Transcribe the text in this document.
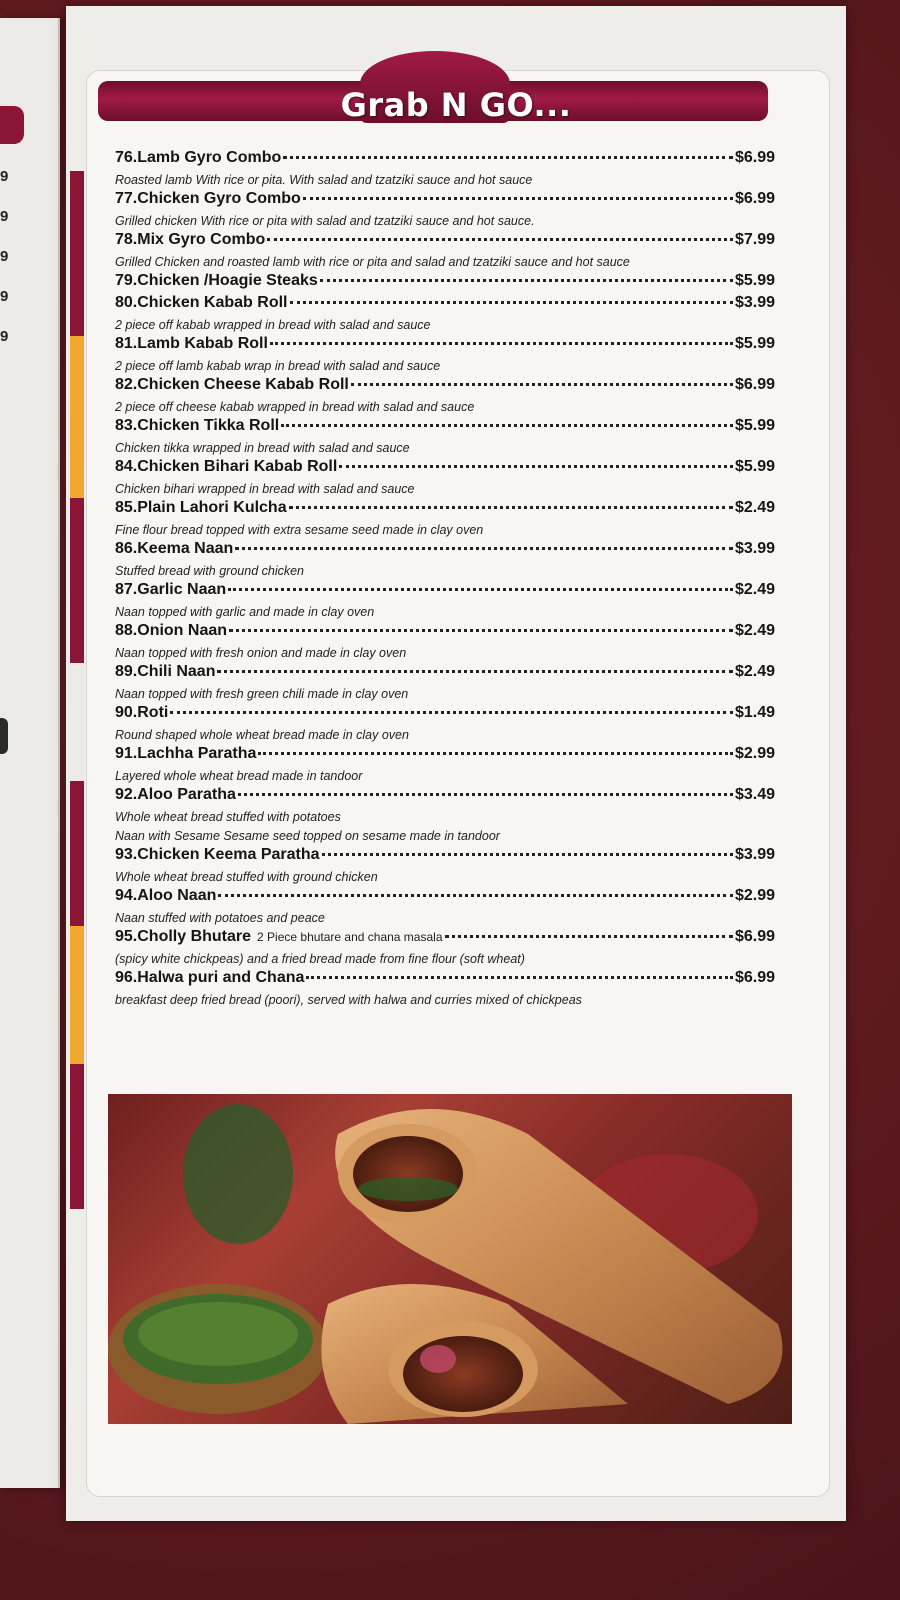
9
9
9
9
9
Grab N GO...
76.Lamb Gyro Combo	$6.99
Roasted lamb With rice or pita. With salad and tzatziki sauce and hot sauce
77.Chicken Gyro Combo	$6.99
Grilled chicken With rice or pita with salad and tzatziki sauce and hot sauce.
78.Mix Gyro Combo	$7.99
Grilled Chicken and roasted lamb with rice or pita and salad and tzatziki sauce and hot sauce
79.Chicken /Hoagie Steaks	$5.99
80.Chicken Kabab Roll	$3.99
2 piece off kabab wrapped in bread with salad and sauce
81.Lamb Kabab Roll	$5.99
2 piece off lamb kabab wrap in bread with salad and sauce
82.Chicken Cheese Kabab Roll	$6.99
2 piece off cheese kabab wrapped in bread with salad and sauce
83.Chicken Tikka Roll	$5.99
Chicken tikka wrapped in bread with salad and sauce
84.Chicken Bihari Kabab Roll	$5.99
Chicken bihari wrapped in bread with salad and sauce
85.Plain Lahori Kulcha	$2.49
Fine flour bread topped with extra sesame seed made in clay oven
86.Keema Naan	$3.99
Stuffed bread with ground chicken
87.Garlic Naan	$2.49
Naan topped with garlic and made in clay oven
88.Onion Naan	$2.49
Naan topped with fresh onion and made in clay oven
89.Chili Naan	$2.49
Naan topped with fresh green chili made in clay oven
90.Roti	$1.49
Round shaped whole wheat bread made in clay oven
91.Lachha Paratha	$2.99
Layered whole wheat bread made in tandoor
92.Aloo Paratha	$3.49
Whole wheat bread stuffed with potatoes
Naan with Sesame Sesame seed topped on sesame made in tandoor
93.Chicken Keema Paratha	$3.99
Whole wheat bread stuffed with ground chicken
94.Aloo Naan	$2.99
Naan stuffed with potatoes and peace
95.Cholly Bhutare 2 Piece bhutare and chana masala	$6.99
(spicy white chickpeas) and a fried bread made from fine flour (soft wheat)
96.Halwa puri and Chana	$6.99
breakfast deep fried bread (poori), served with halwa and curries mixed of chickpeas
